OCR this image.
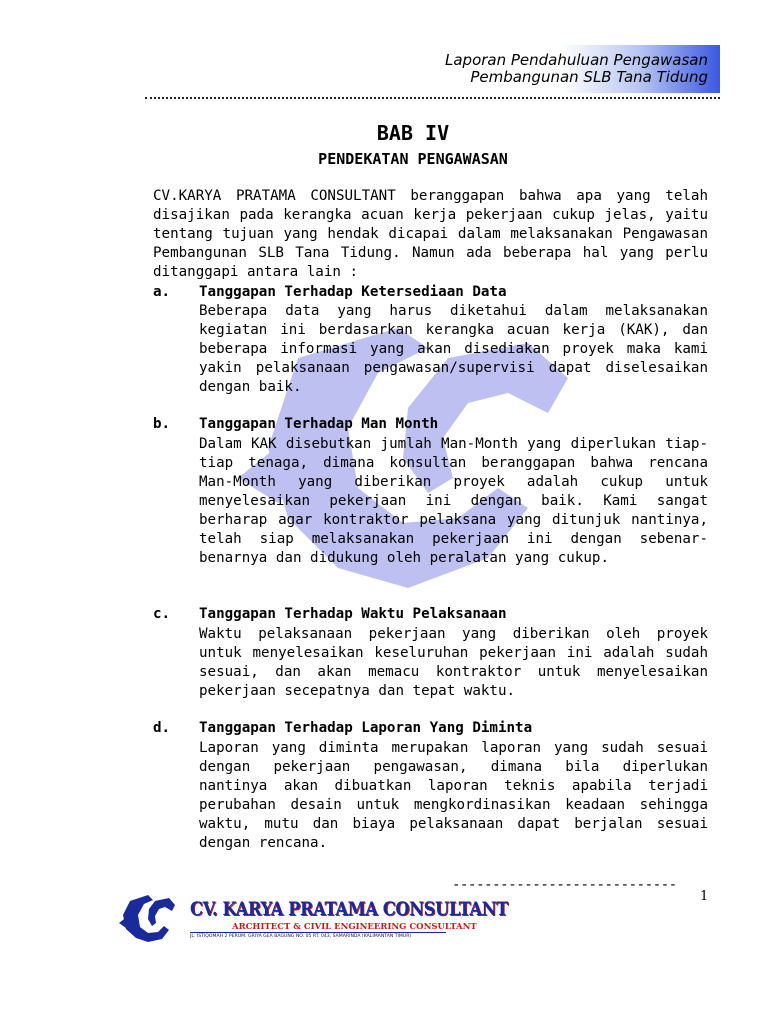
Laporan Pendahuluan Pengawasan
Pembangunan SLB Tana Tidung
BAB IV
PENDEKATAN PENGAWASAN
CV.KARYA PRATAMA CONSULTANT beranggapan bahwa apa yang telah disajikan pada kerangka acuan kerja pekerjaan cukup jelas, yaitu tentang tujuan yang hendak dicapai dalam melaksanakan Pengawasan Pembangunan SLB Tana Tidung. Namun ada beberapa hal yang perlu ditanggapi antara lain :
a. Tanggapan Terhadap Ketersediaan Data
Beberapa data yang harus diketahui dalam melaksanakan kegiatan ini berdasarkan kerangka acuan kerja (KAK), dan beberapa informasi yang akan disediakan proyek maka kami yakin pelaksanaan pengawasan/supervisi dapat diselesaikan dengan baik.
b. Tanggapan Terhadap Man Month
Dalam KAK disebutkan jumlah Man-Month yang diperlukan tiap-tiap tenaga, dimana konsultan beranggapan bahwa rencana Man-Month yang diberikan proyek adalah cukup untuk menyelesaikan pekerjaan ini dengan baik. Kami sangat berharap agar kontraktor pelaksana yang ditunjuk nantinya, telah siap melaksanakan pekerjaan ini dengan sebenar-benarnya dan didukung oleh peralatan yang cukup.
c. Tanggapan Terhadap Waktu Pelaksanaan
Waktu pelaksanaan pekerjaan yang diberikan oleh proyek untuk menyelesaikan keseluruhan pekerjaan ini adalah sudah sesuai, dan akan memacu kontraktor untuk menyelesaikan pekerjaan secepatnya dan tepat waktu.
d. Tanggapan Terhadap Laporan Yang Diminta
Laporan yang diminta merupakan laporan yang sudah sesuai dengan pekerjaan pengawasan, dimana bila diperlukan nantinya akan dibuatkan laporan teknis apabila terjadi perubahan desain untuk mengkordinasikan keadaan sehingga waktu, mutu dan biaya pelaksanaan dapat berjalan sesuai dengan rencana.
----------------------------
1
CV. KARYA PRATAMA CONSULTANT
ARCHITECT & CIVIL ENGINEERING CONSULTANT
JL. ISTIQOMAH 2 PERUM. GRIYA GEA BAGUNG NO. 05 RT. 043, SAMARINDA (KALIMANTAN TIMUR)
